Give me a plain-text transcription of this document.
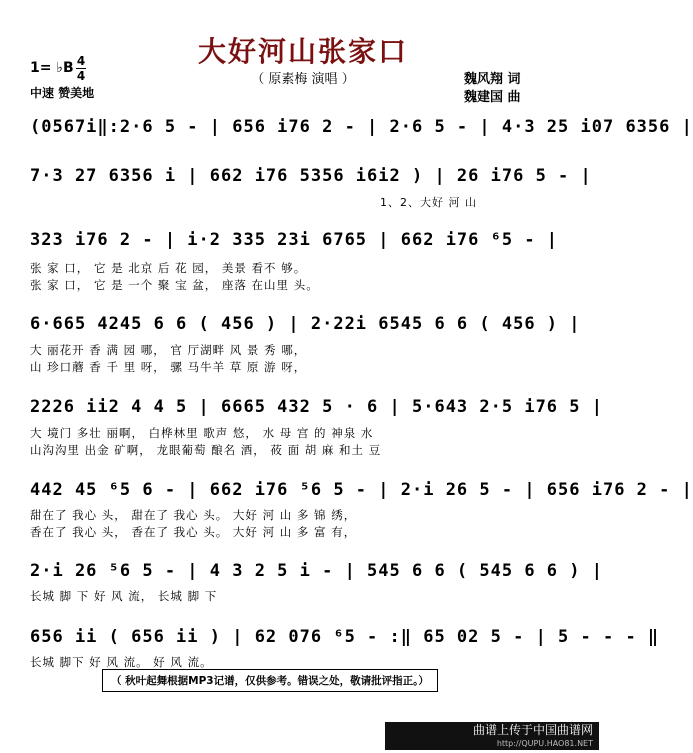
大好河山张家口
（ 原素梅 演唱 ）
1= ♭B 4
4
中速 赞美地
魏风翔 词
魏建国 曲
(0567i‖:2·6 5 - | 656 i76 2 - | 2·6 5 - | 4·3 25 i07 6356 |
7·3 27 6356 i | 662 i76 5356 i6i2 ) | 26 i76 5 - |
1、2、大好 河 山
323 i76 2 - | i·2 335 23i 6765 | 662 i76 ⁶5 - |
张 家 口， 它 是 北京 后 花 园， 美景 看不 够。
张 家 口， 它 是 一个 聚 宝 盆， 座落 在山里 头。
6·665 4245 6 6 ( 456 ) | 2·22i 6545 6 6 ( 456 ) |
大 丽花开 香 满 园 哪， 官 厅湖畔 风 景 秀 哪，
山 珍口蘑 香 千 里 呀， 骡 马牛羊 草 原 游 呀，
2226 ii2 4 4 5 | 6665 432 5 · 6 | 5·643 2·5 i76 5 |
大 境门 多壮 丽啊， 白桦林里 歌声 悠， 水 母 宫 的 神泉 水
山沟沟里 出金 矿啊， 龙眼葡萄 酿名 酒， 莜 面 胡 麻 和土 豆
442 45 ⁶5 6 - | 662 i76 ⁵6 5 - | 2·i 26 5 - | 656 i76 2 - |
甜在了 我心 头， 甜在了 我心 头。 大好 河 山 多 锦 绣，
香在了 我心 头， 香在了 我心 头。 大好 河 山 多 富 有，
2·i 26 ⁵6 5 - | 4 3 2 5 i - | 545 6 6 ( 545 6 6 ) |
长城 脚 下 好 风 流， 长城 脚 下
656 ii ( 656 ii ) | 62 076 ⁶5 - :‖ 65 02 5 - | 5 - - - ‖
长城 脚下 好 风 流。 好 风 流。
（ 秋叶起舞根据MP3记谱，仅供参考。错误之处，敬请批评指正。）
曲谱上传于中国曲谱网
http://QUPU.HAO81.NET
